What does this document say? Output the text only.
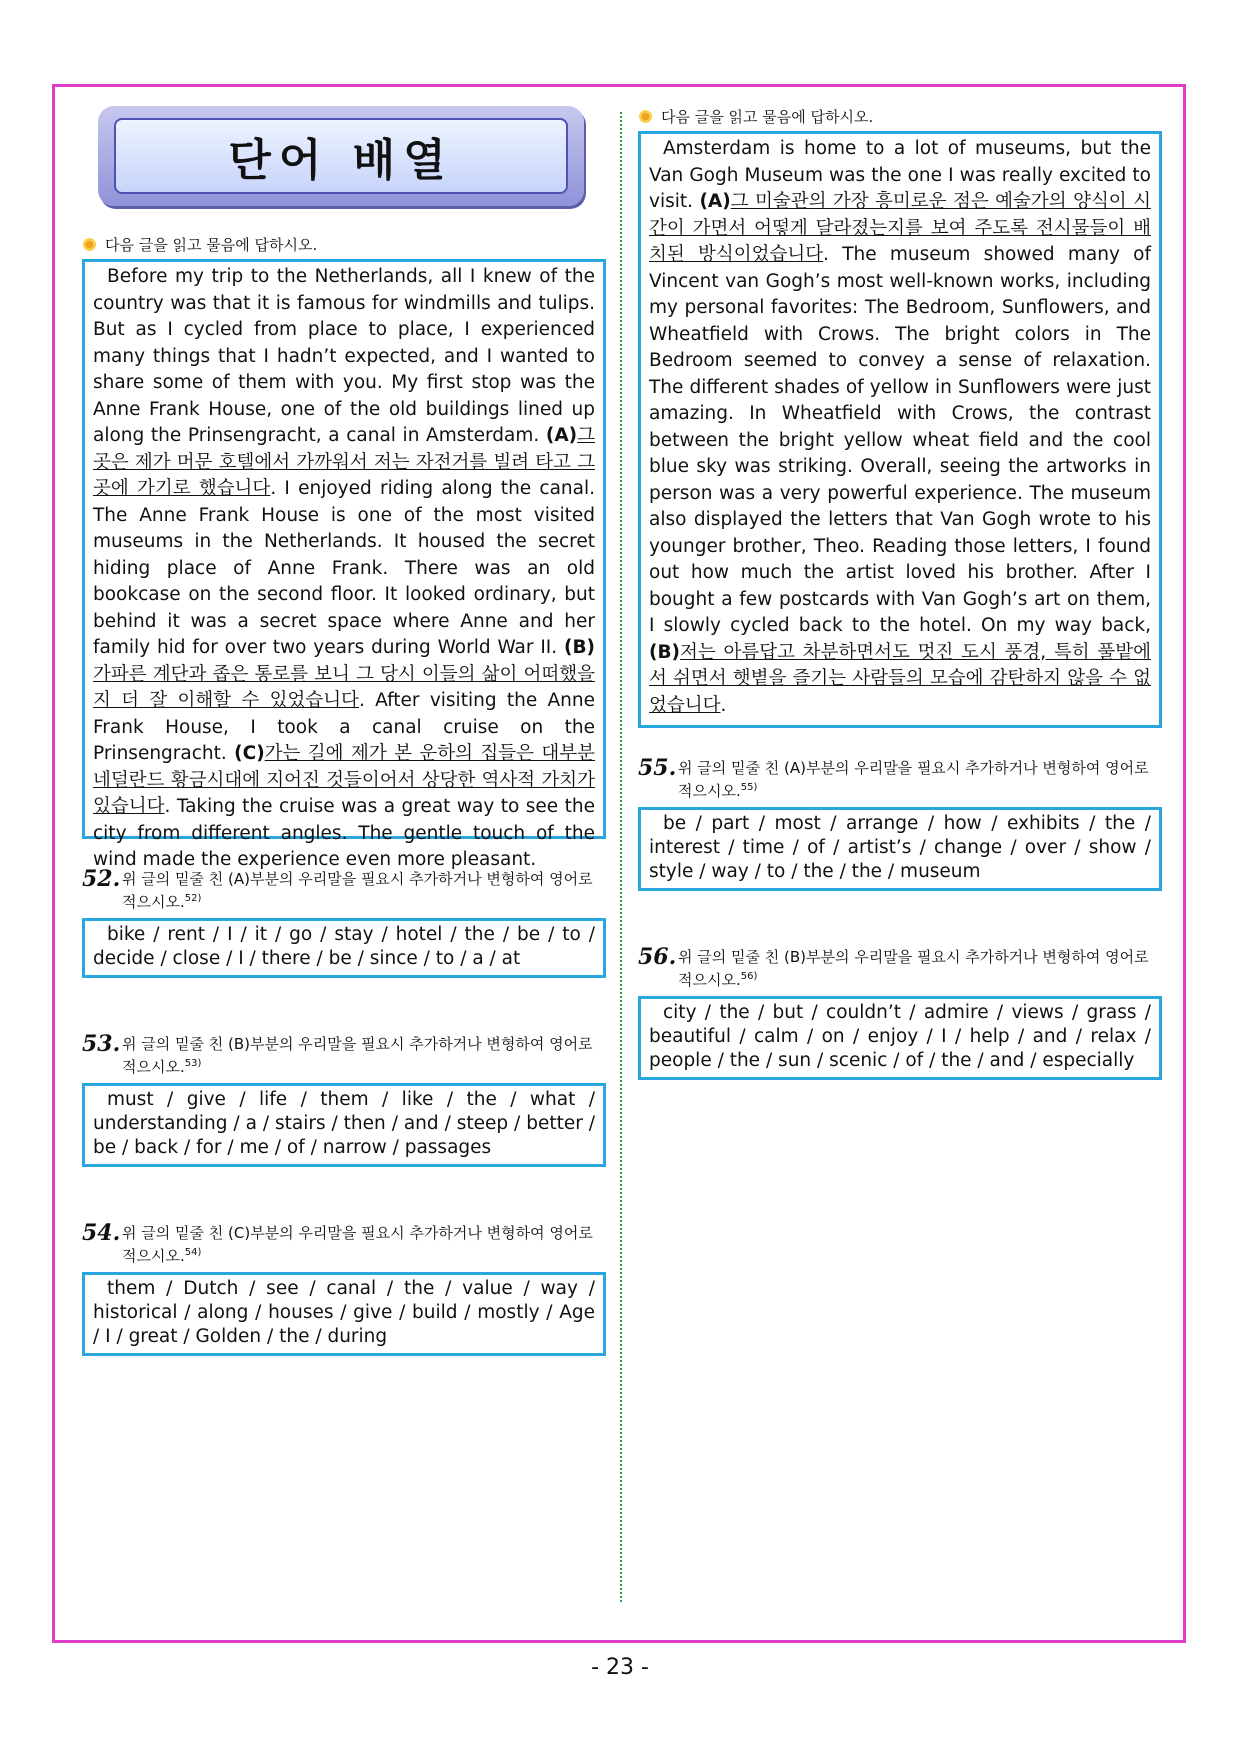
단어 배열
다음 글을 읽고 물음에 답하시오.
Before my trip to the Netherlands, all I knew of the country was that it is famous for windmills and tulips. But as I cycled from place to place, I experienced many things that I hadn’t expected, and I wanted to share some of them with you. My first stop was the Anne Frank House, one of the old buildings lined up along the Prinsengracht, a canal in Amsterdam. (A)그곳은 제가 머문 호텔에서 가까워서 저는 자전거를 빌려 타고 그곳에 가기로 했습니다. I enjoyed riding along the canal. The Anne Frank House is one of the most visited museums in the Netherlands. It housed the secret hiding place of Anne Frank. There was an old bookcase on the second floor. It looked ordinary, but behind it was a secret space where Anne and her family hid for over two years during World War II. (B)가파른 계단과 좁은 통로를 보니 그 당시 이들의 삶이 어떠했을지 더 잘 이해할 수 있었습니다. After visiting the Anne Frank House, I took a canal cruise on the Prinsengracht. (C)가는 길에 제가 본 운하의 집들은 대부분 네덜란드 황금시대에 지어진 것들이어서 상당한 역사적 가치가 있습니다. Taking the cruise was a great way to see the city from different angles. The gentle touch of the wind made the experience even more pleasant.
52. 위 글의 밑줄 친 (A)부분의 우리말을 필요시 추가하거나 변형하여 영어로 적으시오.$^{52)}$
bike / rent / I / it / go / stay / hotel / the / be / to / decide / close / I / there / be / since / to / a / at
53. 위 글의 밑줄 친 (B)부분의 우리말을 필요시 추가하거나 변형하여 영어로 적으시오.$^{53)}$
must / give / life / them / like / the / what / understanding / a / stairs / then / and / steep / better / be / back / for / me / of / narrow / passages
54. 위 글의 밑줄 친 (C)부분의 우리말을 필요시 추가하거나 변형하여 영어로 적으시오.$^{54)}$
them / Dutch / see / canal / the / value / way / historical / along / houses / give / build / mostly / Age / I / great / Golden / the / during
다음 글을 읽고 물음에 답하시오.
Amsterdam is home to a lot of museums, but the Van Gogh Museum was the one I was really excited to visit. (A)그 미술관의 가장 흥미로운 점은 예술가의 양식이 시간이 가면서 어떻게 달라졌는지를 보여 주도록 전시물들이 배치된 방식이었습니다. The museum showed many of Vincent van Gogh’s most well-known works, including my personal favorites: The Bedroom, Sunflowers, and Wheatfield with Crows. The bright colors in The Bedroom seemed to convey a sense of relaxation. The different shades of yellow in Sunflowers were just amazing. In Wheatfield with Crows, the contrast between the bright yellow wheat field and the cool blue sky was striking. Overall, seeing the artworks in person was a very powerful experience. The museum also displayed the letters that Van Gogh wrote to his younger brother, Theo. Reading those letters, I found out how much the artist loved his brother. After I bought a few postcards with Van Gogh’s art on them, I slowly cycled back to the hotel. On my way back, (B)저는 아름답고 차분하면서도 멋진 도시 풍경, 특히 풀밭에서 쉬면서 햇볕을 즐기는 사람들의 모습에 감탄하지 않을 수 없었습니다.
55. 위 글의 밑줄 친 (A)부분의 우리말을 필요시 추가하거나 변형하여 영어로 적으시오.$^{55)}$
be / part / most / arrange / how / exhibits / the / interest / time / of / artist’s / change / over / show / style / way / to / the / the / museum
56. 위 글의 밑줄 친 (B)부분의 우리말을 필요시 추가하거나 변형하여 영어로 적으시오.$^{56)}$
city / the / but / couldn’t / admire / views / grass / beautiful / calm / on / enjoy / I / help / and / relax / people / the / sun / scenic / of / the / and / especially
- 23 -
